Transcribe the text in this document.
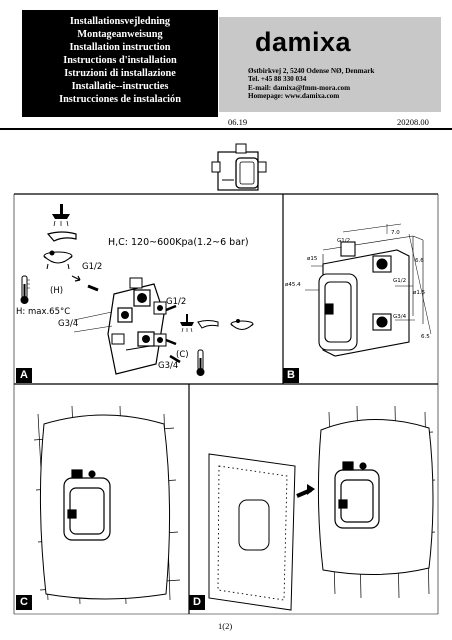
Installationsvejledning
Montageanweisung
Installation instruction
Instructions d'installation
Istruzioni di installazione
Installatie--instructies
Instrucciones de instalación
damixa
Østbirkvej 2, 5240 Odense NØ, Denmark
Tel. +45 88 330 034
E-mail: damixa@fmm-mora.com
Homepage: www.damixa.com
06.19	20208.00
H,C: 120~600Kpa(1.2~6 bar)
G1/2
(H)
H: max.65°C
G3/4
G1/2
(C)
G3/4
A
ø15
ø45.4
G1/2
G1/2
G3/4
ø1.5
7.0
6.6
6.5
B
C	D
1(2)
